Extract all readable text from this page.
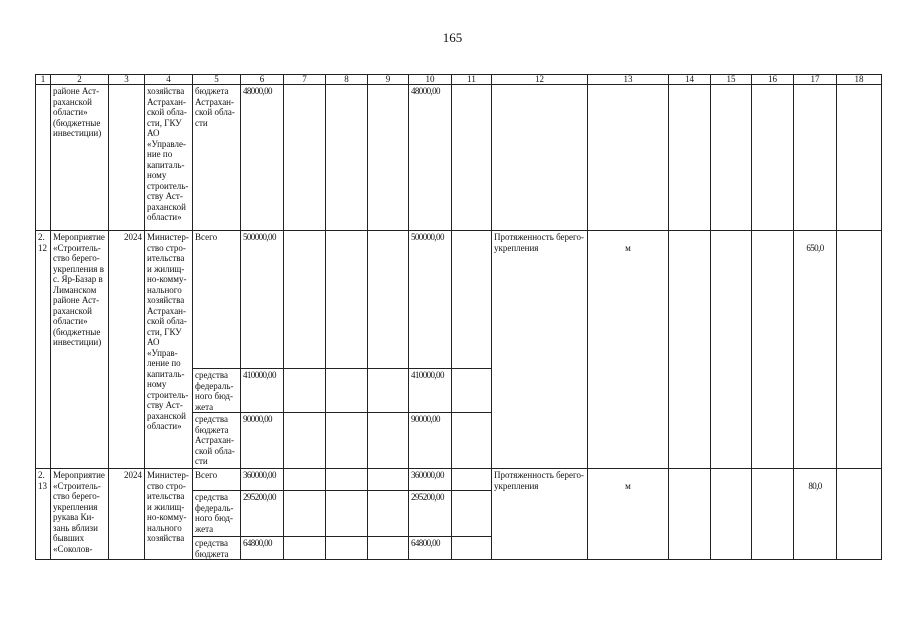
165
1	2	3	4	5	6	7	8	9	10	11	12	13	14	15	16	17	18
	районе Аст-раханской области» (бюджетные инвестиции)		хозяйства Астрахан-ской обла-сти, ГКУ АО «Управле-ние по капиталь-ному строитель-ству Аст-раханской области»	бюджета Астрахан-ской обла-сти	48000,00				48000,00								
2.12	Мероприятие «Строитель-ство берего-укрепления в с. Яр-Базар в Лиманском районе Аст-раханской области» (бюджетные инвестиции)	2024	Министер-ство стро-ительства и жилищ-но-комму-нального хозяйства Астрахан-ской обла-сти, ГКУ АО «Управ-ление по капиталь-ному строитель-ству Аст-раханской области»	Всего	500000,00				500000,00		Протяженность берего-укрепления	м				650,0	
				средства федераль-ного бюд-жета	410000,00				410000,00								
				средства бюджета Астрахан-ской обла-сти	90000,00				90000,00								
2.13	Мероприятие «Строитель-ство берего-укрепления рукава Ки-зань вблизи бывших «Соколов-	2024	Министер-ство стро-ительства и жилищ-но-комму-нального хозяйства	Всего	360000,00				360000,00		Протяженность берего-укрепления	м				80,0	
				средства федераль-ного бюд-жета	295200,00				295200,00								
				средства бюджета	64800,00				64800,00								
